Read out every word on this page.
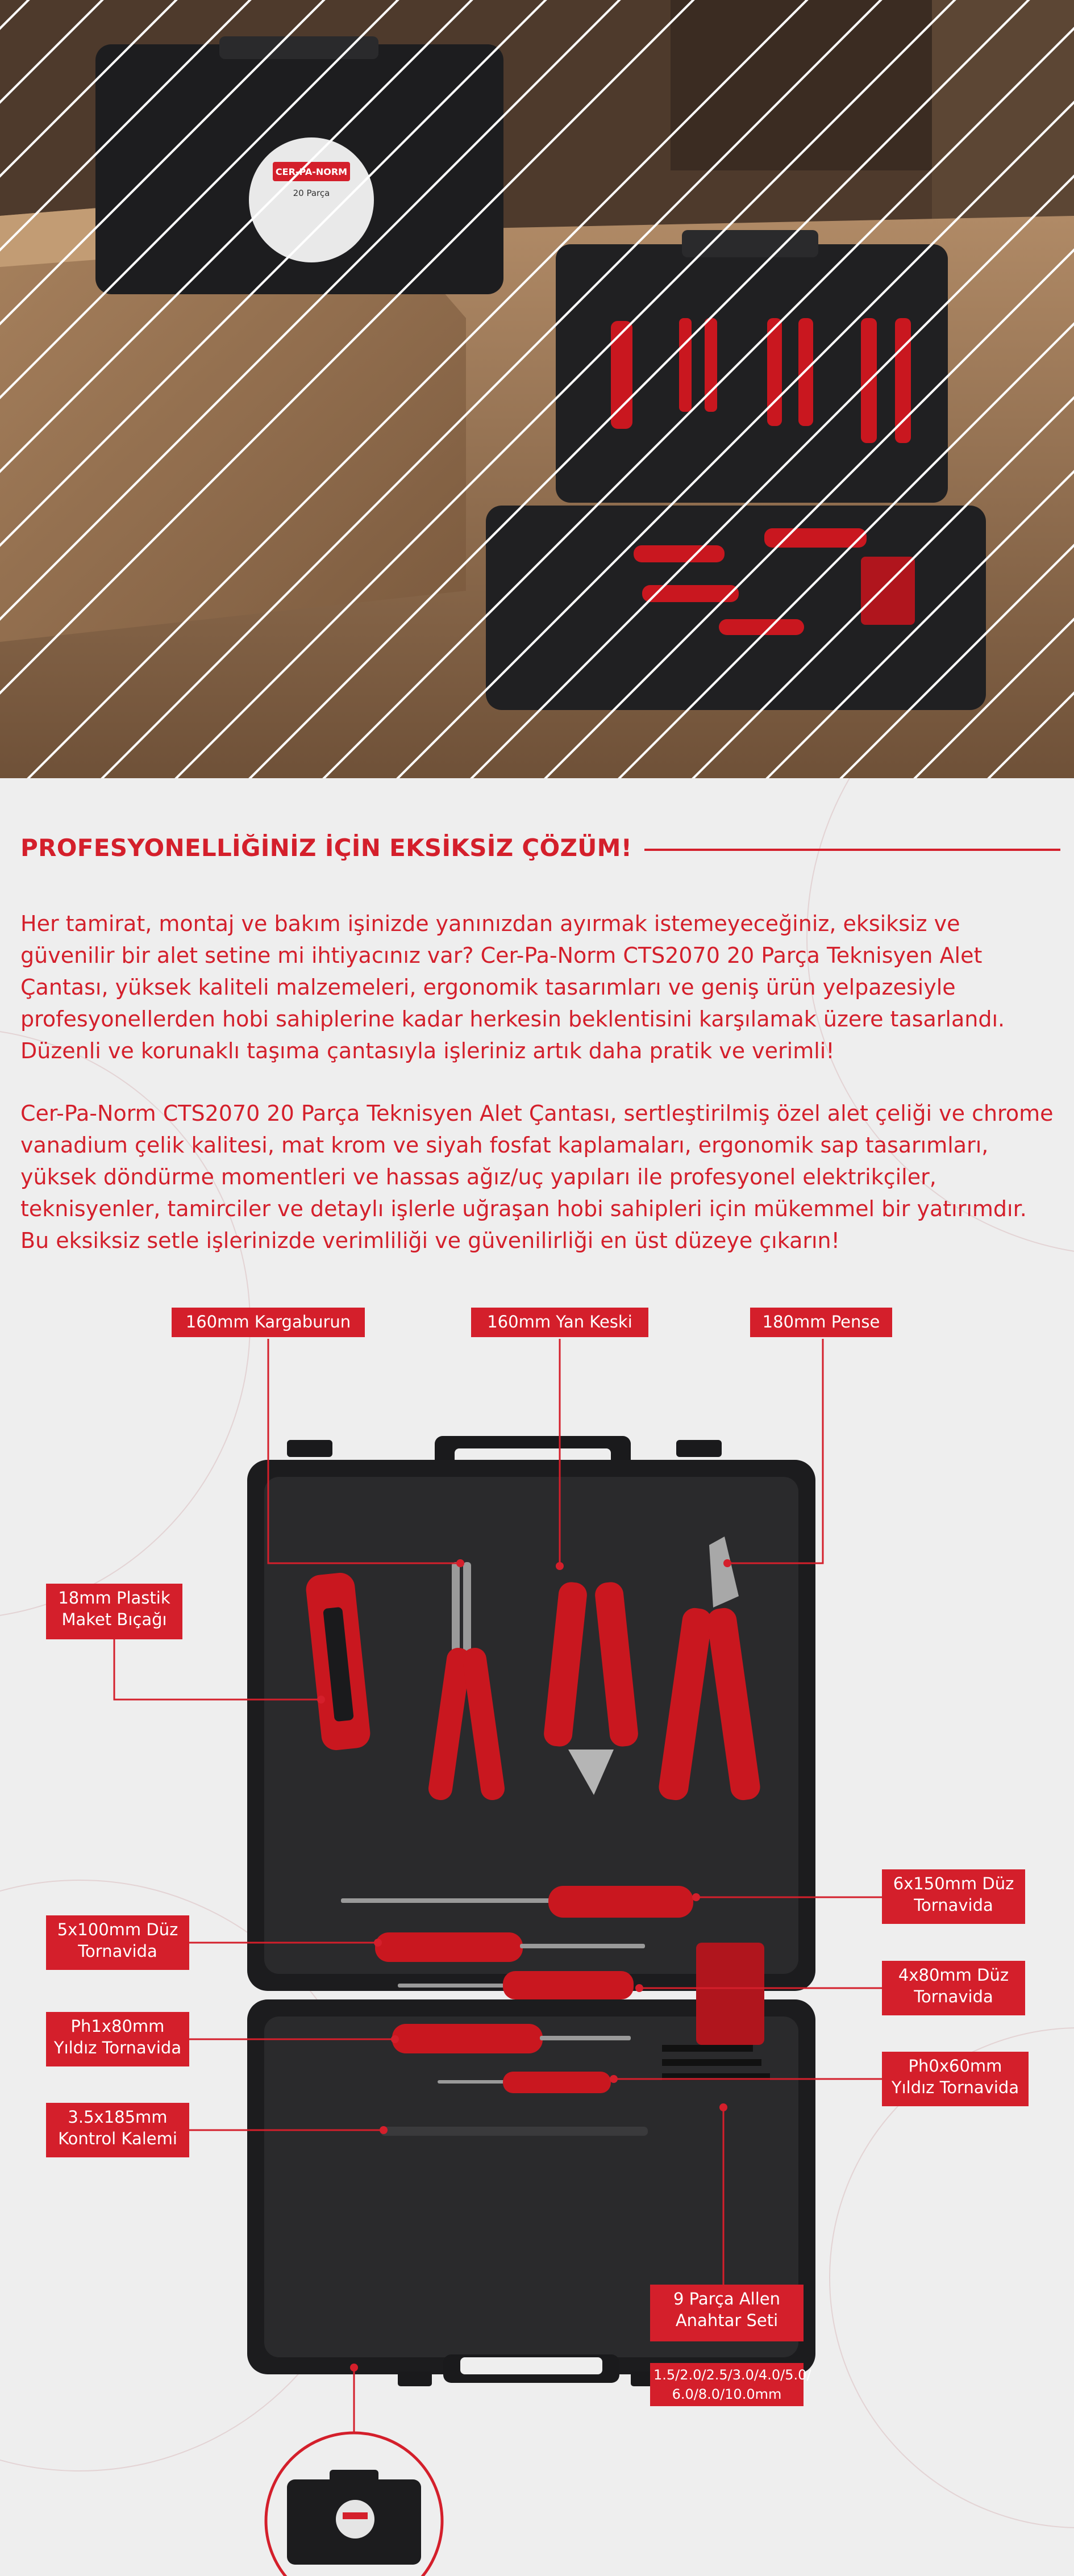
CER-PA-NORM
20 Parça
PROFESYONELLİĞİNİZ İÇİN EKSİKSİZ ÇÖZÜM!

Her tamirat, montaj ve bakım işinizde yanınızdan ayırmak istemeyeceğiniz, eksiksiz ve güvenilir bir alet setine mi ihtiyacınız var? Cer-Pa-Norm CTS2070 20 Parça Teknisyen Alet Çantası, yüksek kaliteli malzemeleri, ergonomik tasarımları ve geniş ürün yelpazesiyle profesyonellerden hobi sahiplerine kadar herkesin beklentisini karşılamak üzere tasarlandı. Düzenli ve korunaklı taşıma çantasıyla işleriniz artık daha pratik ve verimli!

Cer-Pa-Norm CTS2070 20 Parça Teknisyen Alet Çantası, sertleştirilmiş özel alet çeliği ve chrome vanadium çelik kalitesi, mat krom ve siyah fosfat kaplamaları, ergonomik sap tasarımları, yüksek döndürme momentleri ve hassas ağız/uç yapıları ile profesyonel elektrikçiler, teknisyenler, tamirciler ve detaylı işlerle uğraşan hobi sahipleri için mükemmel bir yatırımdır. Bu eksiksiz setle işlerinizde verimliliği ve güvenilirliği en üst düzeye çıkarın!

160mm Kargaburun	160mm Yan Keski	180mm Pense
18mm Plastik
Maket Bıçağı
6x150mm Düz
Tornavida
5x100mm Düz
Tornavida
4x80mm Düz
Tornavida
Ph1x80mm
Yıldız Tornavida
Ph0x60mm
Yıldız Tornavida
3.5x185mm
Kontrol Kalemi
9 Parça Allen
Anahtar Seti
1.5/2.0/2.5/3.0/4.0/5.0/
6.0/8.0/10.0mm
